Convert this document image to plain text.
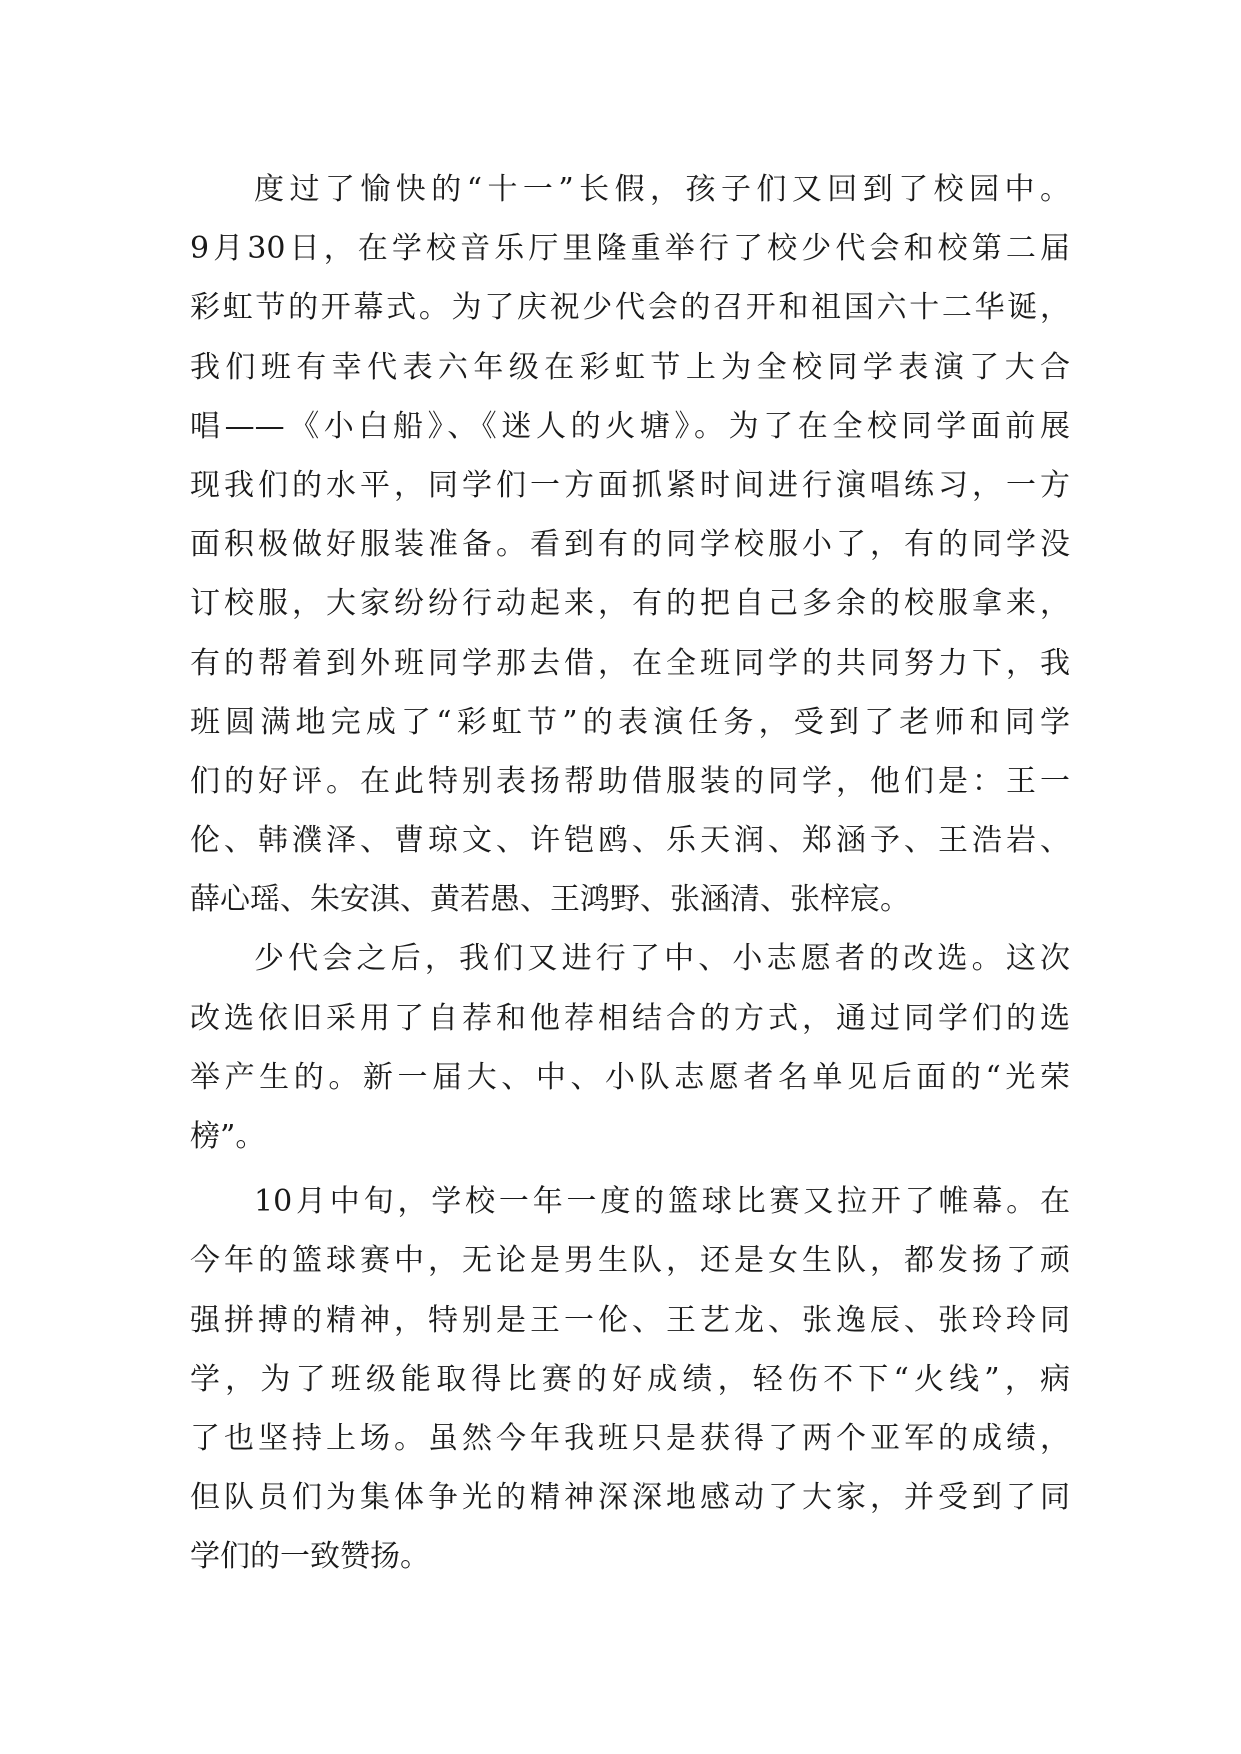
度过了愉快的“十一”长假，孩子们又回到了校园中。
9月30日，在学校音乐厅里隆重举行了校少代会和校第二届
彩虹节的开幕式。为了庆祝少代会的召开和祖国六十二华诞，
我们班有幸代表六年级在彩虹节上为全校同学表演了大合
唱——《小白船》、《迷人的火塘》。为了在全校同学面前展
现我们的水平，同学们一方面抓紧时间进行演唱练习，一方
面积极做好服装准备。看到有的同学校服小了，有的同学没
订校服，大家纷纷行动起来，有的把自己多余的校服拿来，
有的帮着到外班同学那去借，在全班同学的共同努力下，我
班圆满地完成了“彩虹节”的表演任务，受到了老师和同学
们的好评。在此特别表扬帮助借服装的同学，他们是：王一
伦、韩濮泽、曹琼文、许铠鸥、乐天润、郑涵予、王浩岩、
薛心瑶、朱安淇、黄若愚、王鸿野、张涵清、张梓宸。
少代会之后，我们又进行了中、小志愿者的改选。这次
改选依旧采用了自荐和他荐相结合的方式，通过同学们的选
举产生的。新一届大、中、小队志愿者名单见后面的“光荣
榜”。
10月中旬，学校一年一度的篮球比赛又拉开了帷幕。在
今年的篮球赛中，无论是男生队，还是女生队，都发扬了顽
强拼搏的精神，特别是王一伦、王艺龙、张逸辰、张玲玲同
学，为了班级能取得比赛的好成绩，轻伤不下“火线”，病
了也坚持上场。虽然今年我班只是获得了两个亚军的成绩，
但队员们为集体争光的精神深深地感动了大家，并受到了同
学们的一致赞扬。
